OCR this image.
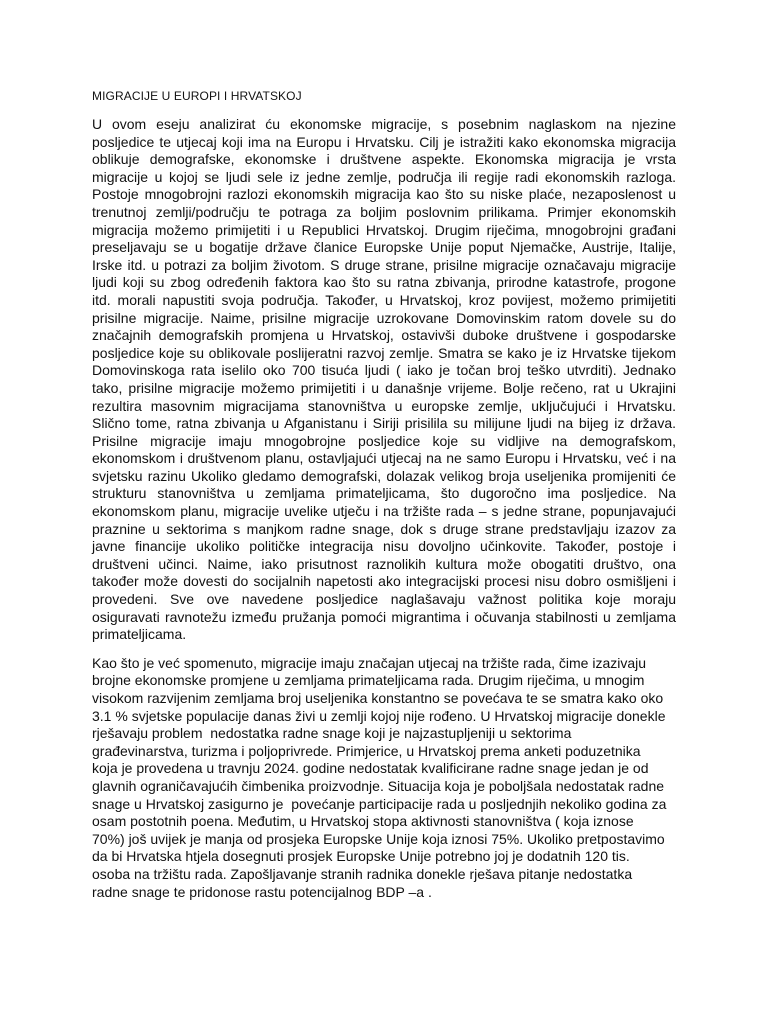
MIGRACIJE U EUROPI I HRVATSKOJ
U ovom eseju analizirat ću ekonomske migracije, s posebnim naglaskom na njezine
posljedice te utjecaj koji ima na Europu i Hrvatsku. Cilj je istražiti kako ekonomska migracija
oblikuje demografske, ekonomske i društvene aspekte. Ekonomska migracija je vrsta
migracije u kojoj se ljudi sele iz jedne zemlje, područja ili regije radi ekonomskih razloga.
Postoje mnogobrojni razlozi ekonomskih migracija kao što su niske plaće, nezaposlenost u
trenutnoj zemlji/području te potraga za boljim poslovnim prilikama. Primjer ekonomskih
migracija možemo primijetiti i u Republici Hrvatskoj. Drugim riječima, mnogobrojni građani
preseljavaju se u bogatije države članice Europske Unije poput Njemačke, Austrije, Italije,
Irske itd. u potrazi za boljim životom. S druge strane, prisilne migracije označavaju migracije
ljudi koji su zbog određenih faktora kao što su ratna zbivanja, prirodne katastrofe, progone
itd. morali napustiti svoja područja. Također, u Hrvatskoj, kroz povijest, možemo primijetiti
prisilne migracije. Naime, prisilne migracije uzrokovane Domovinskim ratom dovele su do
značajnih demografskih promjena u Hrvatskoj, ostavivši duboke društvene i gospodarske
posljedice koje su oblikovale poslijeratni razvoj zemlje. Smatra se kako je iz Hrvatske tijekom
Domovinskoga rata iselilo oko 700 tisuća ljudi ( iako je točan broj teško utvrditi). Jednako
tako, prisilne migracije možemo primijetiti i u današnje vrijeme. Bolje rečeno, rat u Ukrajini
rezultira masovnim migracijama stanovništva u europske zemlje, uključujući i Hrvatsku.
Slično tome, ratna zbivanja u Afganistanu i Siriji prisilila su milijune ljudi na bijeg iz država.
Prisilne migracije imaju mnogobrojne posljedice koje su vidljive na demografskom,
ekonomskom i društvenom planu, ostavljajući utjecaj na ne samo Europu i Hrvatsku, već i na
svjetsku razinu Ukoliko gledamo demografski, dolazak velikog broja useljenika promijeniti će
strukturu stanovništva u zemljama primateljicama, što dugoročno ima posljedice. Na
ekonomskom planu, migracije uvelike utječu i na tržište rada – s jedne strane, popunjavajući
praznine u sektorima s manjkom radne snage, dok s druge strane predstavljaju izazov za
javne financije ukoliko političke integracija nisu dovoljno učinkovite. Također, postoje i
društveni učinci. Naime, iako prisutnost raznolikih kultura može obogatiti društvo, ona
također može dovesti do socijalnih napetosti ako integracijski procesi nisu dobro osmišljeni i
provedeni. Sve ove navedene posljedice naglašavaju važnost politika koje moraju
osiguravati ravnotežu između pružanja pomoći migrantima i očuvanja stabilnosti u zemljama
primateljicama.
Kao što je već spomenuto, migracije imaju značajan utjecaj na tržište rada, čime izazivaju
brojne ekonomske promjene u zemljama primateljicama rada. Drugim riječima, u mnogim
visokom razvijenim zemljama broj useljenika konstantno se povećava te se smatra kako oko
3.1 % svjetske populacije danas živi u zemlji kojoj nije rođeno. U Hrvatskoj migracije donekle
rješavaju problem  nedostatka radne snage koji je najzastupljeniji u sektorima
građevinarstva, turizma i poljoprivrede. Primjerice, u Hrvatskoj prema anketi poduzetnika
koja je provedena u travnju 2024. godine nedostatak kvalificirane radne snage jedan je od
glavnih ograničavajućih čimbenika proizvodnje. Situacija koja je poboljšala nedostatak radne
snage u Hrvatskoj zasigurno je  povećanje participacije rada u posljednjih nekoliko godina za
osam postotnih poena. Međutim, u Hrvatskoj stopa aktivnosti stanovništva ( koja iznose
70%) još uvijek je manja od prosjeka Europske Unije koja iznosi 75%. Ukoliko pretpostavimo
da bi Hrvatska htjela dosegnuti prosjek Europske Unije potrebno joj je dodatnih 120 tis.
osoba na tržištu rada. Zapošljavanje stranih radnika donekle rješava pitanje nedostatka
radne snage te pridonose rastu potencijalnog BDP –a .
